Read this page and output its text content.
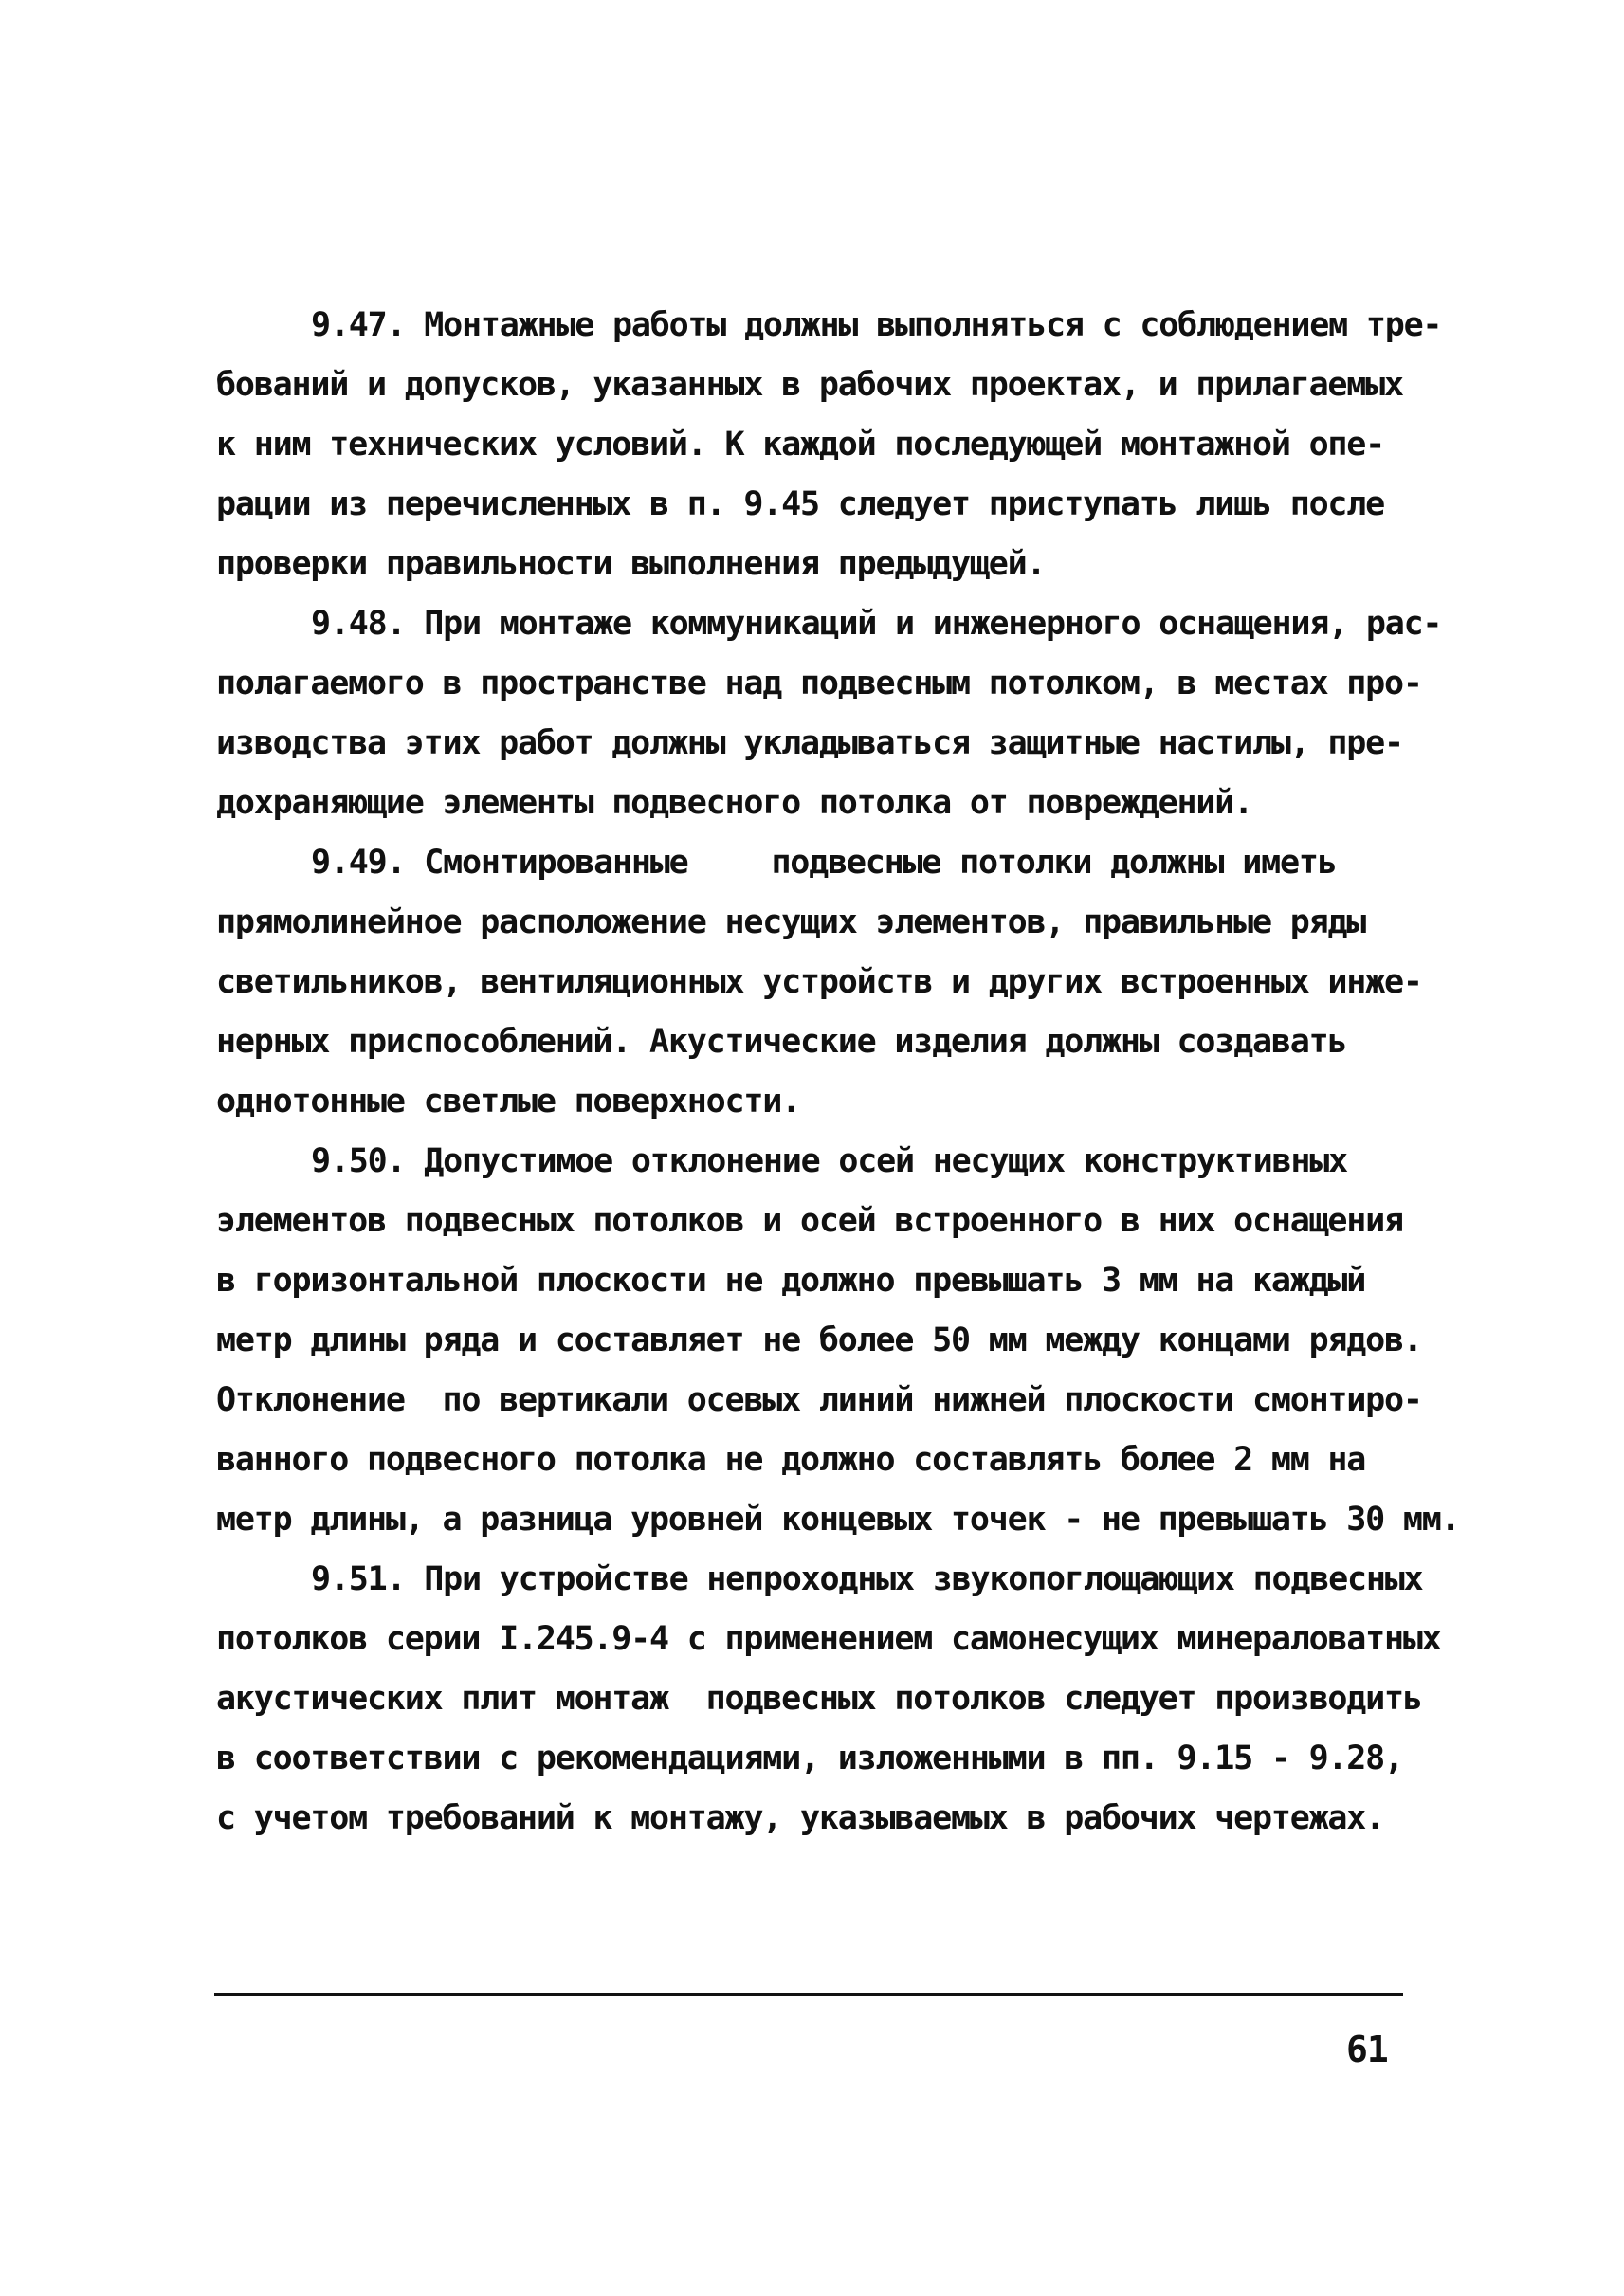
9.47. Монтажные работы должны выполняться с соблюдением тре-
бований и допусков, указанных в рабочих проектах, и прилагаемых
к ним технических условий. К каждой последующей монтажной опе-
рации из перечисленных в п. 9.45 следует приступать лишь после
проверки правильности выполнения предыдущей.
9.48. При монтаже коммуникаций и инженерного оснащения, рас-
полагаемого в пространстве над подвесным потолком, в местах про-
изводства этих работ должны укладываться защитные настилы, пре-
дохраняющие элементы подвесного потолка от повреждений.
9.49. Смонтированные	подвесные потолки должны иметь
прямолинейное расположение несущих элементов, правильные ряды
светильников, вентиляционных устройств и других встроенных инже-
нерных приспособлений. Акустические изделия должны создавать
однотонные светлые поверхности.
9.50. Допустимое отклонение осей несущих конструктивных
элементов подвесных потолков и осей встроенного в них оснащения
в горизонтальной плоскости не должно превышать 3 мм на каждый
метр длины ряда и составляет не более 50 мм между концами рядов.
Отклонение  по вертикали осевых линий нижней плоскости смонтиро-
ванного подвесного потолка не должно составлять более 2 мм на
метр длины, а разница уровней концевых точек - не превышать 30 мм.
9.51. При устройстве непроходных звукопоглощающих подвесных
потолков серии I.245.9-4 с применением самонесущих минераловатных
акустических плит монтаж  подвесных потолков следует производить
в соответствии с рекомендациями, изложенными в пп. 9.15 - 9.28,
с учетом требований к монтажу, указываемых в рабочих чертежах.
61
